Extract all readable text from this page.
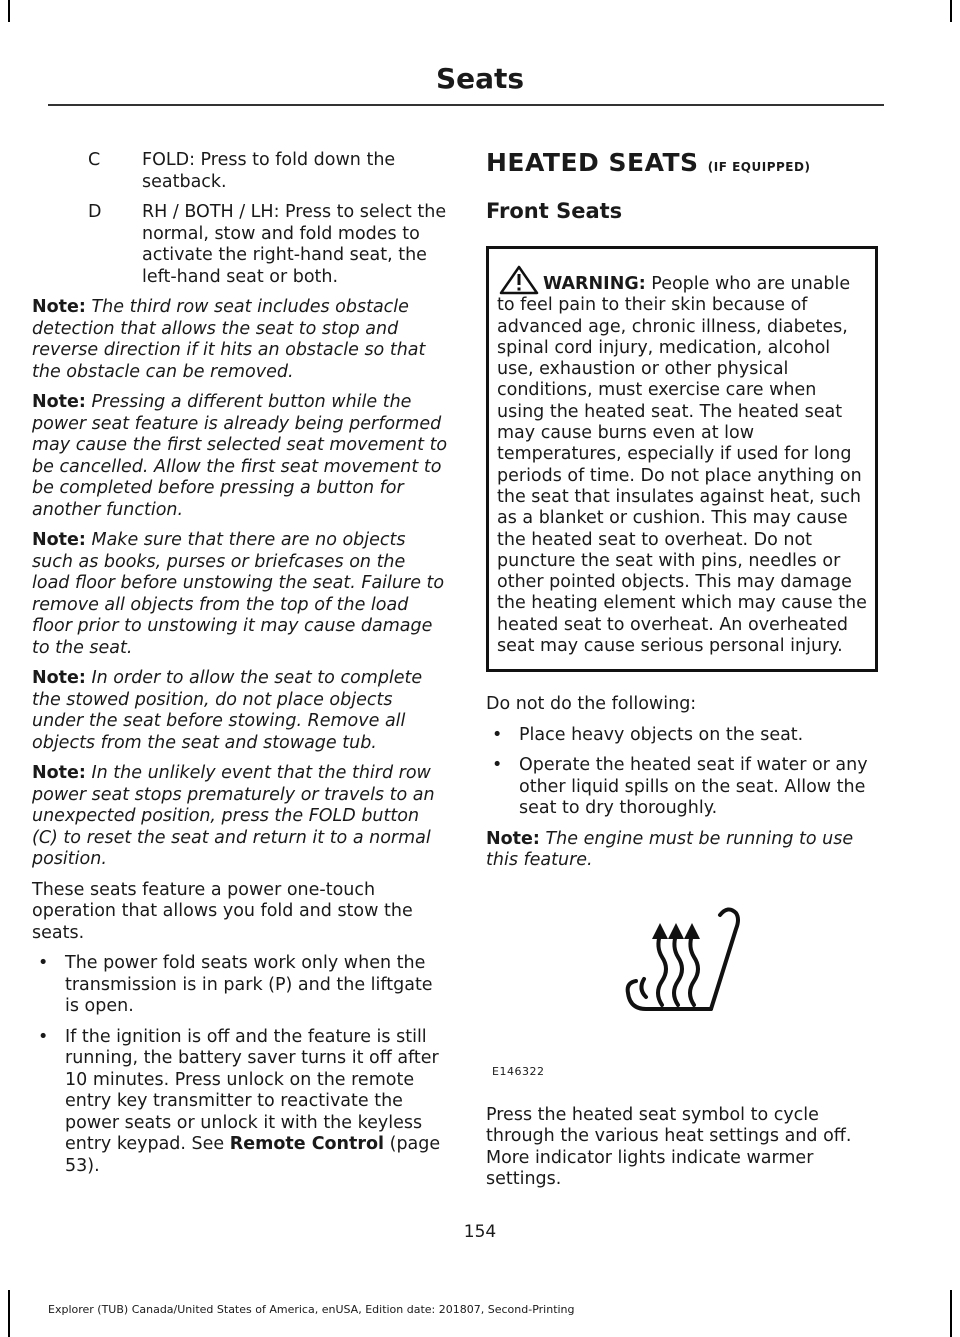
Seats
C	FOLD: Press to fold down the seatback.
D	RH / BOTH / LH: Press to select the normal, stow and fold modes to activate the right-hand seat, the left-hand seat or both.

Note: The third row seat includes obstacle detection that allows the seat to stop and reverse direction if it hits an obstacle so that the obstacle can be removed.

Note: Pressing a different button while the power seat feature is already being performed may cause the first selected seat movement to be cancelled. Allow the first seat movement to be completed before pressing a button for another function.

Note: Make sure that there are no objects such as books, purses or briefcases on the load floor before unstowing the seat. Failure to remove all objects from the top of the load floor prior to unstowing it may cause damage to the seat.

Note: In order to allow the seat to complete the stowed position, do not place objects under the seat before stowing. Remove all objects from the seat and stowage tub.

Note: In the unlikely event that the third row power seat stops prematurely or travels to an unexpected position, press the FOLD button (C) to reset the seat and return it to a normal position.

These seats feature a power one-touch operation that allows you fold and stow the seats.

• The power fold seats work only when the transmission is in park (P) and the liftgate is open.
• If the ignition is off and the feature is still running, the battery saver turns it off after 10 minutes. Press unlock on the remote entry key transmitter to reactivate the power seats or unlock it with the keyless entry keypad. See Remote Control (page 53).
HEATED SEATS (IF EQUIPPED)
Front Seats
WARNING: People who are unable to feel pain to their skin because of advanced age, chronic illness, diabetes, spinal cord injury, medication, alcohol use, exhaustion or other physical conditions, must exercise care when using the heated seat. The heated seat may cause burns even at low temperatures, especially if used for long periods of time. Do not place anything on the seat that insulates against heat, such as a blanket or cushion. This may cause the heated seat to overheat. Do not puncture the seat with pins, needles or other pointed objects. This may damage the heating element which may cause the heated seat to overheat. An overheated seat may cause serious personal injury.

Do not do the following:

• Place heavy objects on the seat.
• Operate the heated seat if water or any other liquid spills on the seat. Allow the seat to dry thoroughly.

Note: The engine must be running to use this feature.

E146322

Press the heated seat symbol to cycle through the various heat settings and off. More indicator lights indicate warmer settings.

154
Explorer (TUB) Canada/United States of America, enUSA, Edition date: 201807, Second-Printing
